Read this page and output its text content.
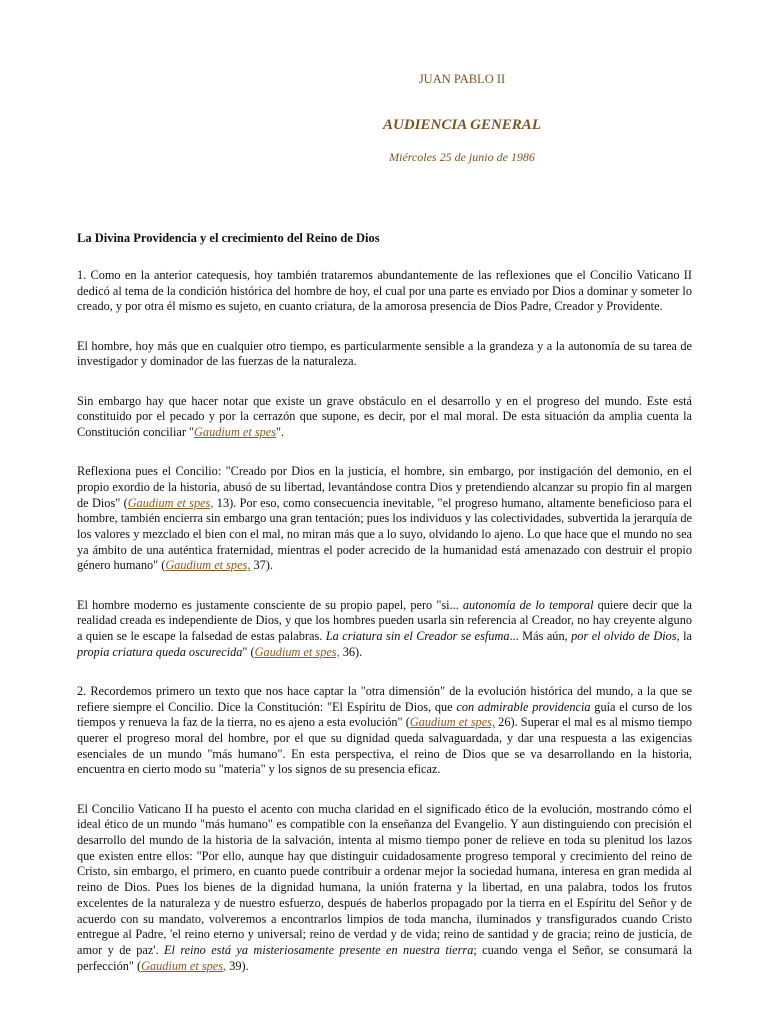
JUAN PABLO II
AUDIENCIA GENERAL
Miércoles 25 de junio de 1986
La Divina Providencia y el crecimiento del Reino de Dios

1. Como en la anterior catequesis, hoy también trataremos abundantemente de las reflexiones que el Concilio Vaticano II dedicó al tema de la condición histórica del hombre de hoy, el cual por una parte es enviado por Dios a dominar y someter lo creado, y por otra él mismo es sujeto, en cuanto criatura, de la amorosa presencia de Dios Padre, Creador y Providente.

El hombre, hoy más que en cualquier otro tiempo, es particularmente sensible a la grandeza y a la autonomía de su tarea de investigador y dominador de las fuerzas de la naturaleza.

Sin embargo hay que hacer notar que existe un grave obstáculo en el desarrollo y en el progreso del mundo. Este está constituido por el pecado y por la cerrazón que supone, es decir, por el mal moral. De esta situación da amplia cuenta la Constitución conciliar "Gaudium et spes".

Reflexiona pues el Concilio: "Creado por Dios en la justicia, el hombre, sin embargo, por instigación del demonio, en el propio exordio de la historia, abusó de su libertad, levantándose contra Dios y pretendiendo alcanzar su propio fin al margen de Dios" (Gaudium et spes, 13). Por eso, como consecuencia inevitable, "el progreso humano, altamente beneficioso para el hombre, también encierra sin embargo una gran tentación; pues los individuos y las colectividades, subvertida la jerarquía de los valores y mezclado el bien con el mal, no miran más que a lo suyo, olvidando lo ajeno. Lo que hace que el mundo no sea ya ámbito de una auténtica fraternidad, mientras el poder acrecido de la humanidad está amenazado con destruir el propio género humano" (Gaudium et spes, 37).

El hombre moderno es justamente consciente de su propio papel, pero "si... autonomía de lo temporal quiere decir que la realidad creada es independiente de Dios, y que los hombres pueden usarla sin referencia al Creador, no hay creyente alguno a quien se le escape la falsedad de estas palabras. La criatura sin el Creador se esfuma... Más aún, por el olvido de Dios, la propia criatura queda oscurecida" (Gaudium et spes, 36).

2. Recordemos primero un texto que nos hace captar la "otra dimensión" de la evolución histórica del mundo, a la que se refiere siempre el Concilio. Dice la Constitución: "El Espíritu de Dios, que con admirable providencia guía el curso de los tiempos y renueva la faz de la tierra, no es ajeno a esta evolución" (Gaudium et spes, 26). Superar el mal es al mismo tiempo querer el progreso moral del hombre, por el que su dignidad queda salvaguardada, y dar una respuesta a las exigencias esenciales de un mundo "más humano". En esta perspectiva, el reino de Dios que se va desarrollando en la historia, encuentra en cierto modo su "materia" y los signos de su presencia eficaz.

El Concilio Vaticano II ha puesto el acento con mucha claridad en el significado ético de la evolución, mostrando cómo el ideal ético de un mundo "más humano" es compatible con la enseñanza del Evangelio. Y aun distinguiendo con precisión el desarrollo del mundo de la historia de la salvación, intenta al mismo tiempo poner de relieve en toda su plenitud los lazos que existen entre ellos: "Por ello, aunque hay que distinguir cuidadosamente progreso temporal y crecimiento del reino de Cristo, sin embargo, el primero, en cuanto puede contribuir a ordenar mejor la sociedad humana, interesa en gran medida al reino de Dios. Pues los bienes de la dignidad humana, la unión fraterna y la libertad, en una palabra, todos los frutos excelentes de la naturaleza y de nuestro esfuerzo, después de haberlos propagado por la tierra en el Espíritu del Señor y de acuerdo con su mandato, volveremos a encontrarlos limpios de toda mancha, iluminados y transfigurados cuando Cristo entregue al Padre, 'el reino eterno y universal; reino de verdad y de vida; reino de santidad y de gracia; reino de justicia, de amor y de paz'. El reino está ya misteriosamente presente en nuestra tierra; cuando venga el Señor, se consumará la perfección" (Gaudium et spes, 39).
